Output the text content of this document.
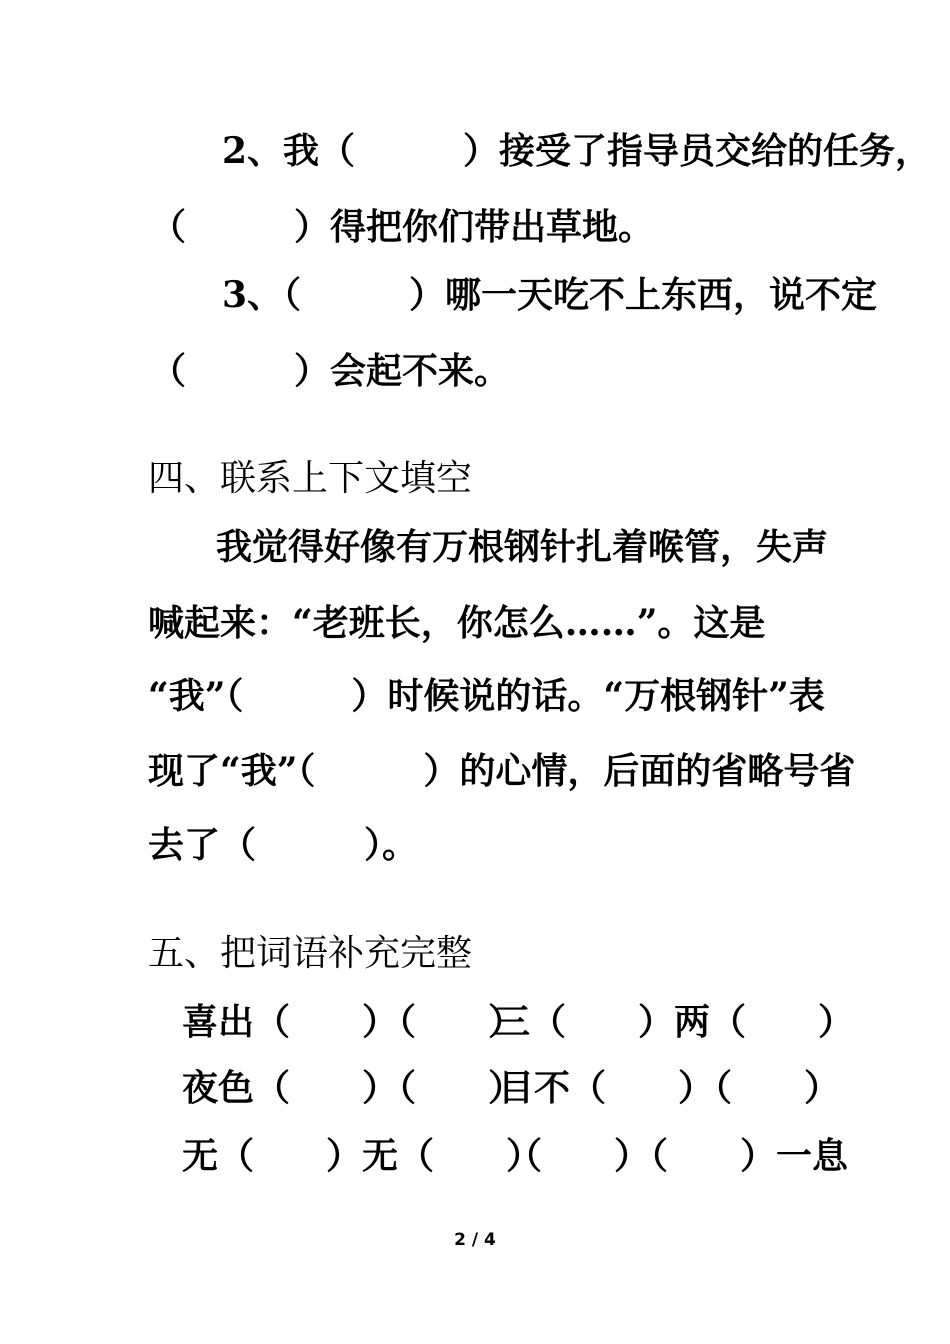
2、我（　　　）接受了指导员交给的任务，
（　　　）得把你们带出草地。
3、（　　　）哪一天吃不上东西，说不定
（　　　）会起不来。
四、联系上下文填空
我觉得好像有万根钢针扎着喉管，失声
喊起来：“老班长，你怎么……”。这是
“我”（　　　）时候说的话。“万根钢针”表
现了“我”（　　　）的心情，后面的省略号省
去了（　　　）。
五、把词语补充完整
喜出（　　）（　　）
三（　　）两（　　）
夜色（　　）（　　）
目不（　　）（　　）
无（　　）无（　　）
（　　）（　　）一息
2 / 4
